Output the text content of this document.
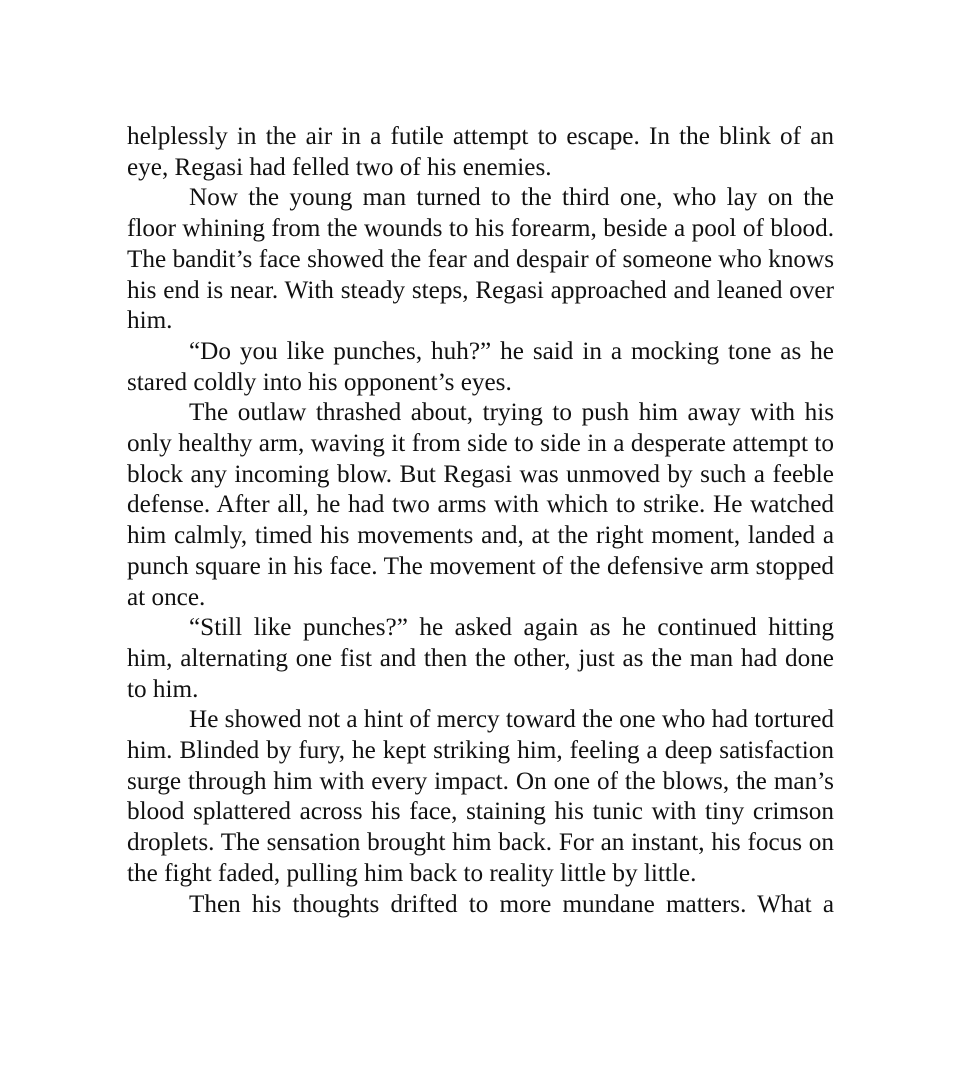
helplessly in the air in a futile attempt to escape. In the blink of an eye, Regasi had felled two of his enemies.

Now the young man turned to the third one, who lay on the floor whining from the wounds to his forearm, beside a pool of blood. The bandit’s face showed the fear and despair of someone who knows his end is near. With steady steps, Regasi approached and leaned over him.

“Do you like punches, huh?” he said in a mocking tone as he stared coldly into his opponent’s eyes.

The outlaw thrashed about, trying to push him away with his only healthy arm, waving it from side to side in a desperate attempt to block any incoming blow. But Regasi was unmoved by such a feeble defense. After all, he had two arms with which to strike. He watched him calmly, timed his movements and, at the right moment, landed a punch square in his face. The movement of the defensive arm stopped at once.

“Still like punches?” he asked again as he continued hitting him, alternating one fist and then the other, just as the man had done to him.

He showed not a hint of mercy toward the one who had tortured him. Blinded by fury, he kept striking him, feeling a deep satisfaction surge through him with every impact. On one of the blows, the man’s blood splattered across his face, staining his tunic with tiny crimson droplets. The sensation brought him back. For an instant, his focus on the fight faded, pulling him back to reality little by little.

Then his thoughts drifted to more mundane matters. What a
